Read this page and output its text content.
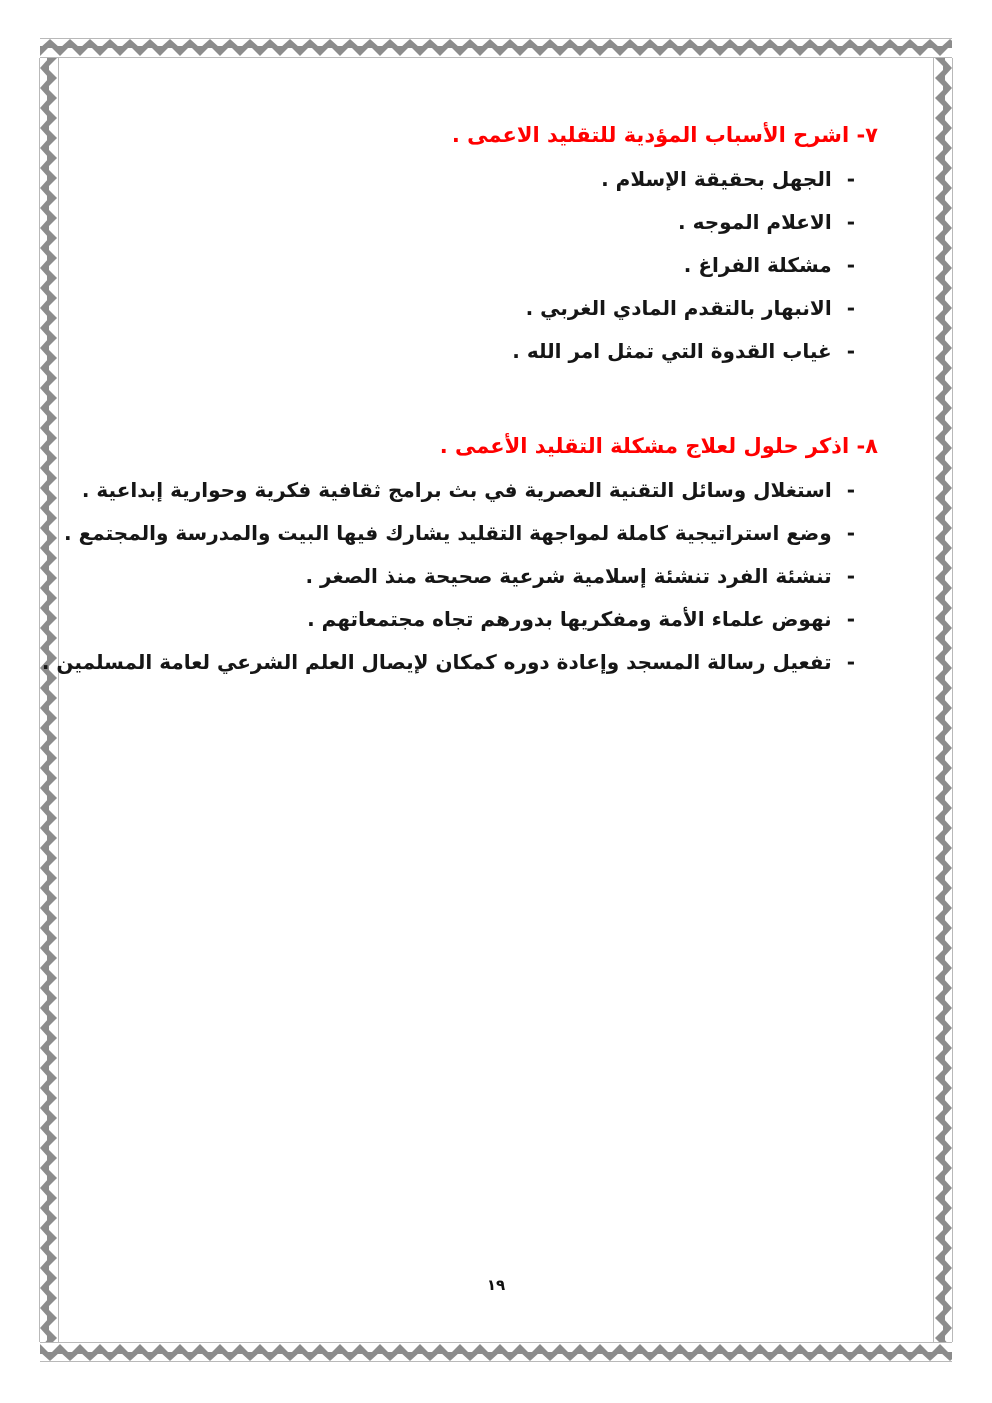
٧- اشرح الأسباب المؤدية للتقليد الاعمى .
-الجهل بحقيقة الإسلام .
-الاعلام الموجه .
-مشكلة الفراغ .
-الانبهار بالتقدم المادي الغربي .
-غياب القدوة التي تمثل امر الله .
٨- اذكر حلول لعلاج مشكلة التقليد الأعمى .
-استغلال وسائل التقنية العصرية في بث برامج ثقافية فكرية وحوارية إبداعية .
-وضع استراتيجية كاملة لمواجهة التقليد يشارك فيها البيت والمدرسة والمجتمع .
-تنشئة الفرد تنشئة إسلامية شرعية صحيحة منذ الصغر .
-نهوض علماء الأمة ومفكريها بدورهم تجاه مجتمعاتهم .
-تفعيل رسالة المسجد وإعادة دوره كمكان لإيصال العلم الشرعي لعامة المسلمين .
١٩
